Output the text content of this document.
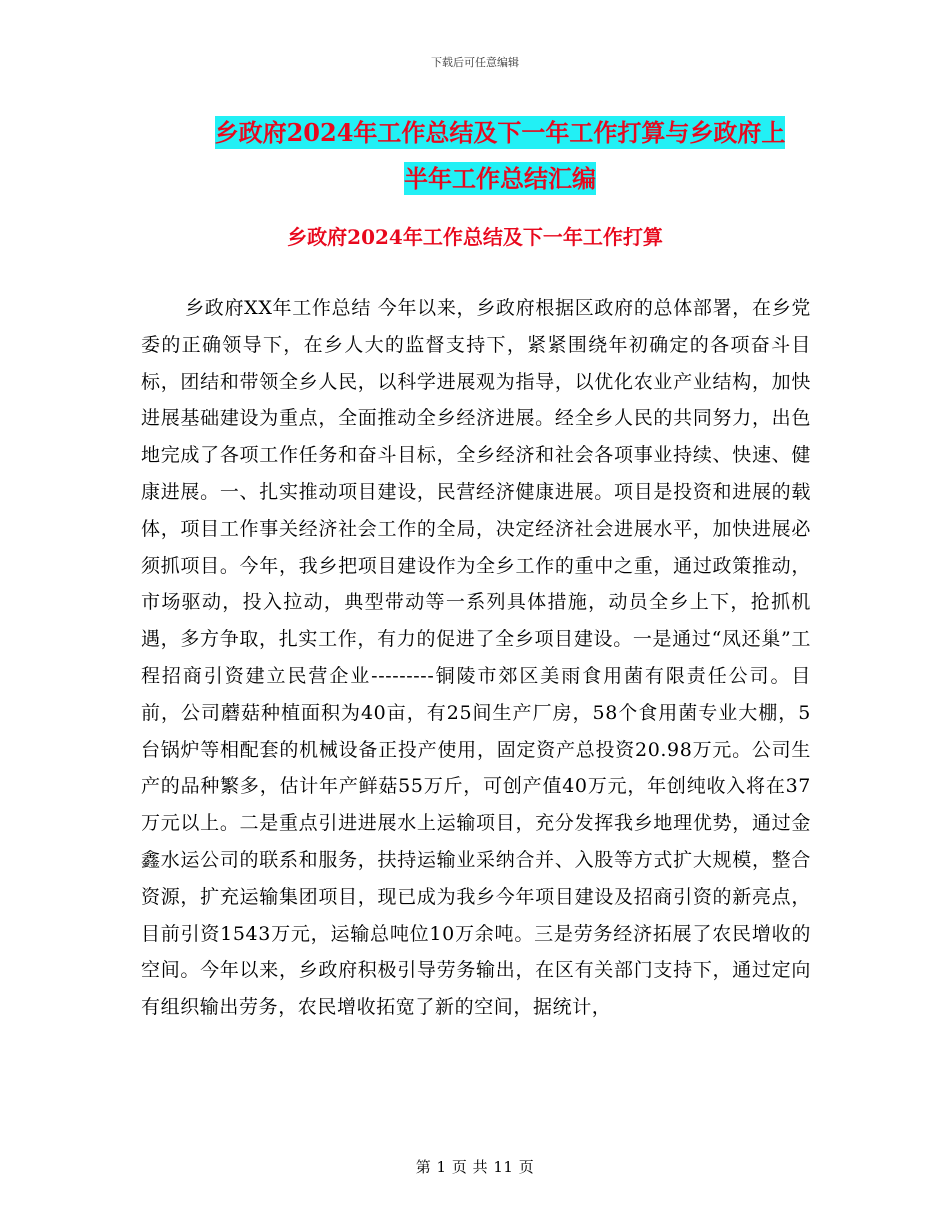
下载后可任意编辑
乡政府2024年工作总结及下一年工作打算与乡政府上
半年工作总结汇编
乡政府2024年工作总结及下一年工作打算
乡政府XX年工作总结 今年以来，乡政府根据区政府的总体部署，在乡党委的正确领导下，在乡人大的监督支持下，紧紧围绕年初确定的各项奋斗目标，团结和带领全乡人民，以科学进展观为指导，以优化农业产业结构，加快进展基础建设为重点，全面推动全乡经济进展。经全乡人民的共同努力，出色地完成了各项工作任务和奋斗目标，全乡经济和社会各项事业持续、快速、健康进展。一、扎实推动项目建设，民营经济健康进展。项目是投资和进展的载体，项目工作事关经济社会工作的全局，决定经济社会进展水平，加快进展必须抓项目。今年，我乡把项目建设作为全乡工作的重中之重，通过政策推动，市场驱动，投入拉动，典型带动等一系列具体措施，动员全乡上下，抢抓机遇，多方争取，扎实工作，有力的促进了全乡项目建设。一是通过“凤还巢”工程招商引资建立民营企业---------铜陵市郊区美雨食用菌有限责任公司。目前，公司蘑菇种植面积为40亩，有25间生产厂房，58个食用菌专业大棚，5台锅炉等相配套的机械设备正投产使用，固定资产总投资20.98万元。公司生产的品种繁多，估计年产鲜菇55万斤，可创产值40万元，年创纯收入将在37万元以上。二是重点引进进展水上运输项目，充分发挥我乡地理优势，通过金鑫水运公司的联系和服务，扶持运输业采纳合并、入股等方式扩大规模，整合资源，扩充运输集团项目，现已成为我乡今年项目建设及招商引资的新亮点，目前引资1543万元，运输总吨位10万余吨。三是劳务经济拓展了农民增收的空间。今年以来，乡政府积极引导劳务输出，在区有关部门支持下，通过定向有组织输出劳务，农民增收拓宽了新的空间，据统计，
第 1 页 共 11 页
